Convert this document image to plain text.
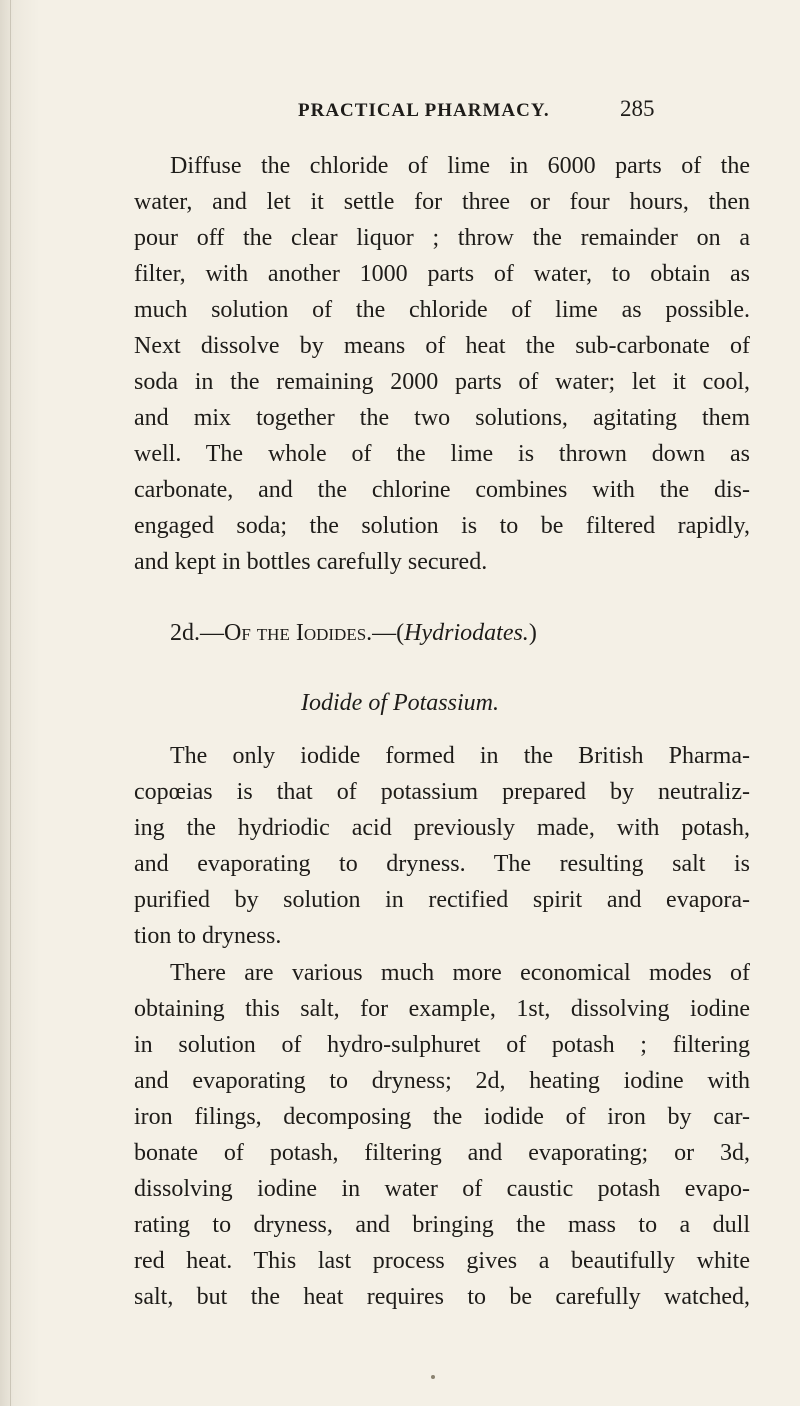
PRACTICAL PHARMACY.	285
Diffuse the chloride of lime in 6000 parts of the
water, and let it settle for three or four hours, then
pour off the clear liquor ; throw the remainder on a
filter, with another 1000 parts of water, to obtain as
much solution of the chloride of lime as possible.
Next dissolve by means of heat the sub-carbonate of
soda in the remaining 2000 parts of water; let it cool,
and mix together the two solutions, agitating them
well. The whole of the lime is thrown down as
carbonate, and the chlorine combines with the dis-
engaged soda; the solution is to be filtered rapidly,
and kept in bottles carefully secured.
2d.—Of the Iodides.—(Hydriodates.)
Iodide of Potassium.
The only iodide formed in the British Pharma-
copœias is that of potassium prepared by neutraliz-
ing the hydriodic acid previously made, with potash,
and evaporating to dryness. The resulting salt is
purified by solution in rectified spirit and evapora-
tion to dryness.
There are various much more economical modes of
obtaining this salt, for example, 1st, dissolving iodine
in solution of hydro-sulphuret of potash ; filtering
and evaporating to dryness; 2d, heating iodine with
iron filings, decomposing the iodide of iron by car-
bonate of potash, filtering and evaporating; or 3d,
dissolving iodine in water of caustic potash evapo-
rating to dryness, and bringing the mass to a dull
red heat. This last process gives a beautifully white
salt, but the heat requires to be carefully watched,
